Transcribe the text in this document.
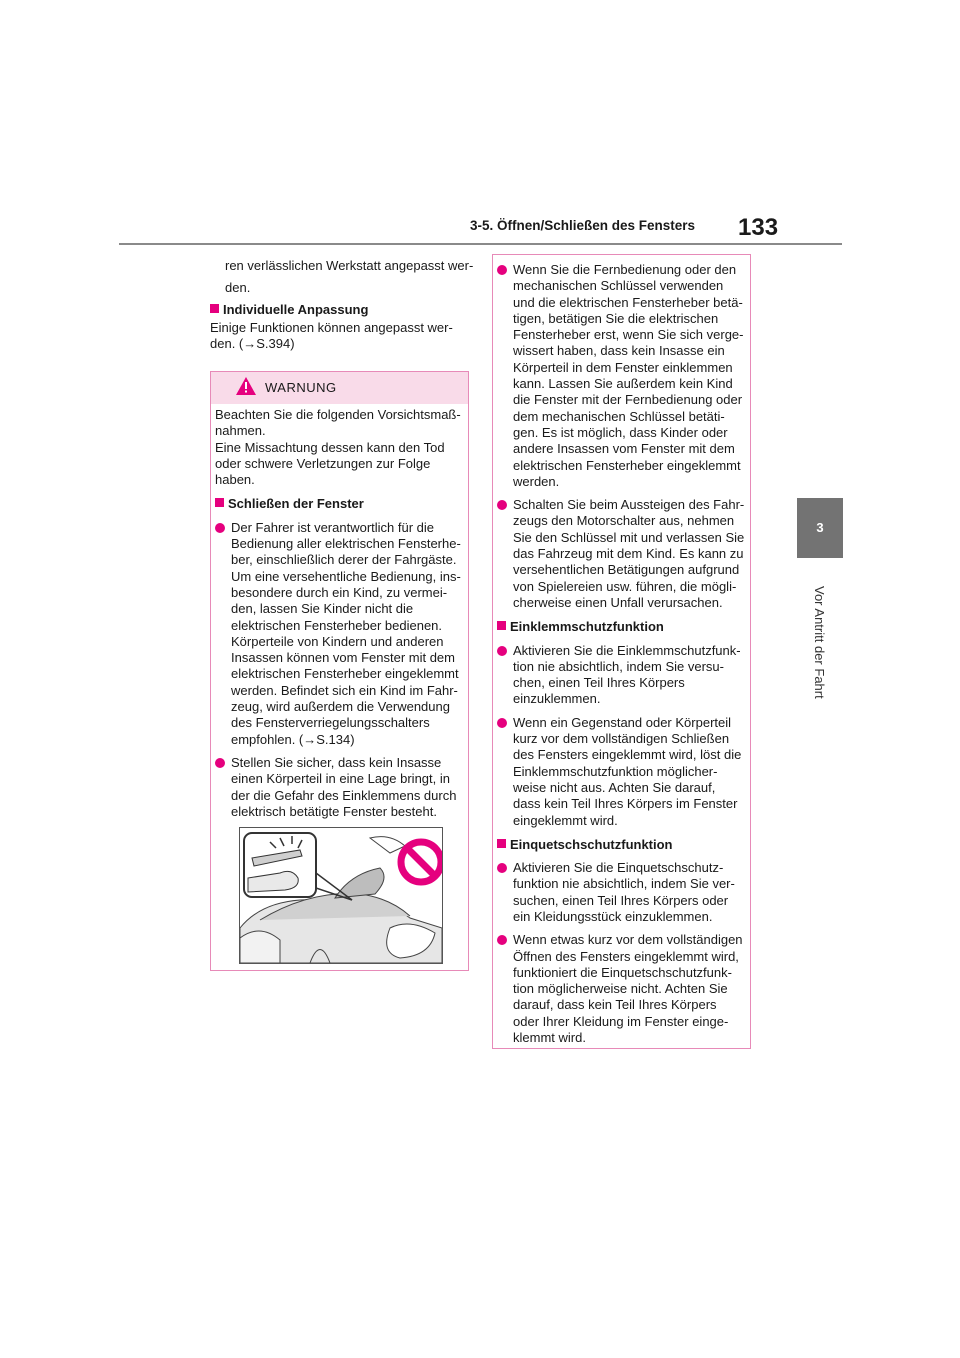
3-5. Öffnen/Schließen des Fensters 133
3
Vor Antritt der Fahrt

ren verlässlichen Werkstatt angepasst wer-

den.

Individuelle Anpassung

Einige Funktionen können angepasst wer-

den. (→S.394)

WARNUNG

Beachten Sie die folgenden Vorsichtsmaß-
nahmen.
Eine Missachtung dessen kann den Tod
oder schwere Verletzungen zur Folge
haben.

Schließen der Fenster

Der Fahrer ist verantwortlich für die
Bedienung aller elektrischen Fensterhe-
ber, einschließlich derer der Fahrgäste.
Um eine versehentliche Bedienung, ins-
besondere durch ein Kind, zu vermei-
den, lassen Sie Kinder nicht die
elektrischen Fensterheber bedienen.
Körperteile von Kindern und anderen
Insassen können vom Fenster mit dem
elektrischen Fensterheber eingeklemmt
werden. Befindet sich ein Kind im Fahr-
zeug, wird außerdem die Verwendung
des Fensterverriegelungsschalters
empfohlen. (→S.134)

Stellen Sie sicher, dass kein Insasse
einen Körperteil in eine Lage bringt, in
der die Gefahr des Einklemmens durch
elektrisch betätigte Fenster besteht.

Wenn Sie die Fernbedienung oder den
mechanischen Schlüssel verwenden
und die elektrischen Fensterheber betä-
tigen, betätigen Sie die elektrischen
Fensterheber erst, wenn Sie sich verge-
wissert haben, dass kein Insasse ein
Körperteil in dem Fenster einklemmen
kann. Lassen Sie außerdem kein Kind
die Fenster mit der Fernbedienung oder
dem mechanischen Schlüssel betäti-
gen. Es ist möglich, dass Kinder oder
andere Insassen vom Fenster mit dem
elektrischen Fensterheber eingeklemmt
werden.

Schalten Sie beim Aussteigen des Fahr-
zeugs den Motorschalter aus, nehmen
Sie den Schlüssel mit und verlassen Sie
das Fahrzeug mit dem Kind. Es kann zu
versehentlichen Betätigungen aufgrund
von Spielereien usw. führen, die mögli-
cherweise einen Unfall verursachen.

Einklemmschutzfunktion

Aktivieren Sie die Einklemmschutzfunk-
tion nie absichtlich, indem Sie versu-
chen, einen Teil Ihres Körpers
einzuklemmen.

Wenn ein Gegenstand oder Körperteil
kurz vor dem vollständigen Schließen
des Fensters eingeklemmt wird, löst die
Einklemmschutzfunktion möglicher-
weise nicht aus. Achten Sie darauf,
dass kein Teil Ihres Körpers im Fenster
eingeklemmt wird.

Einquetschschutzfunktion

Aktivieren Sie die Einquetschschutz-
funktion nie absichtlich, indem Sie ver-
suchen, einen Teil Ihres Körpers oder
ein Kleidungsstück einzuklemmen.

Wenn etwas kurz vor dem vollständigen
Öffnen des Fensters eingeklemmt wird,
funktioniert die Einquetschschutzfunk-
tion möglicherweise nicht. Achten Sie
darauf, dass kein Teil Ihres Körpers
oder Ihrer Kleidung im Fenster einge-
klemmt wird.
